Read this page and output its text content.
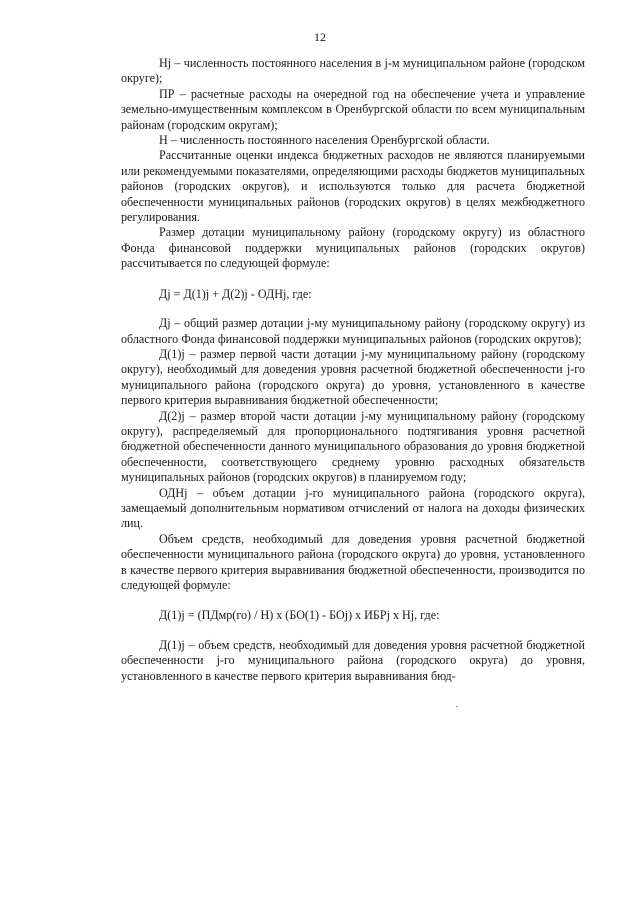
12

Hj – численность постоянного населения в j-м муниципальном районе (городском округе);

ПР – расчетные расходы на очередной год на обеспечение учета и управление земельно-имущественным комплексом в Оренбургской области по всем муниципальным районам (городским округам);

Н – численность постоянного населения Оренбургской области.

Рассчитанные оценки индекса бюджетных расходов не являются планируемыми или рекомендуемыми показателями, определяющими расходы бюджетов муниципальных районов (городских округов), и используются только для расчета бюджетной обеспеченности муниципальных районов (городских округов) в целях межбюджетного регулирования.

Размер дотации муниципальному району (городскому округу) из областного Фонда финансовой поддержки муниципальных районов (городских округов) рассчитывается по следующей формуле:

Дj = Д(1)j + Д(2)j - ОДНj, где:

Дj – общий размер дотации j-му муниципальному району (городскому округу) из областного Фонда финансовой поддержки муниципальных районов (городских округов);

Д(1)j – размер первой части дотации j-му муниципальному району (городскому округу), необходимый для доведения уровня расчетной бюджетной обеспеченности j-го муниципального района (городского округа) до уровня, установленного в качестве первого критерия выравнивания бюджетной обеспеченности;

Д(2)j – размер второй части дотации j-му муниципальному району (городскому округу), распределяемый для пропорционального подтягивания уровня расчетной бюджетной обеспеченности данного муниципального образования до уровня бюджетной обеспеченности, соответствующего среднему уровню расходных обязательств муниципальных районов (городских округов) в планируемом году;

ОДНj – объем дотации j-го муниципального района (городского округа), замещаемый дополнительным нормативом отчислений от налога на доходы физических лиц.

Объем средств, необходимый для доведения уровня расчетной бюджетной обеспеченности муниципального района (городского округа) до уровня, установленного в качестве первого критерия выравнивания бюджетной обеспеченности, производится по следующей формуле:

Д(1)j = (ПДмр(го) / Н) х (БО(1) - БОj) х ИБРj х Hj, где:

Д(1)j – объем средств, необходимый для доведения уровня расчетной бюджетной обеспеченности j-го муниципального района (городского округа) до уровня, установленного в качестве первого критерия выравнивания бюд-
